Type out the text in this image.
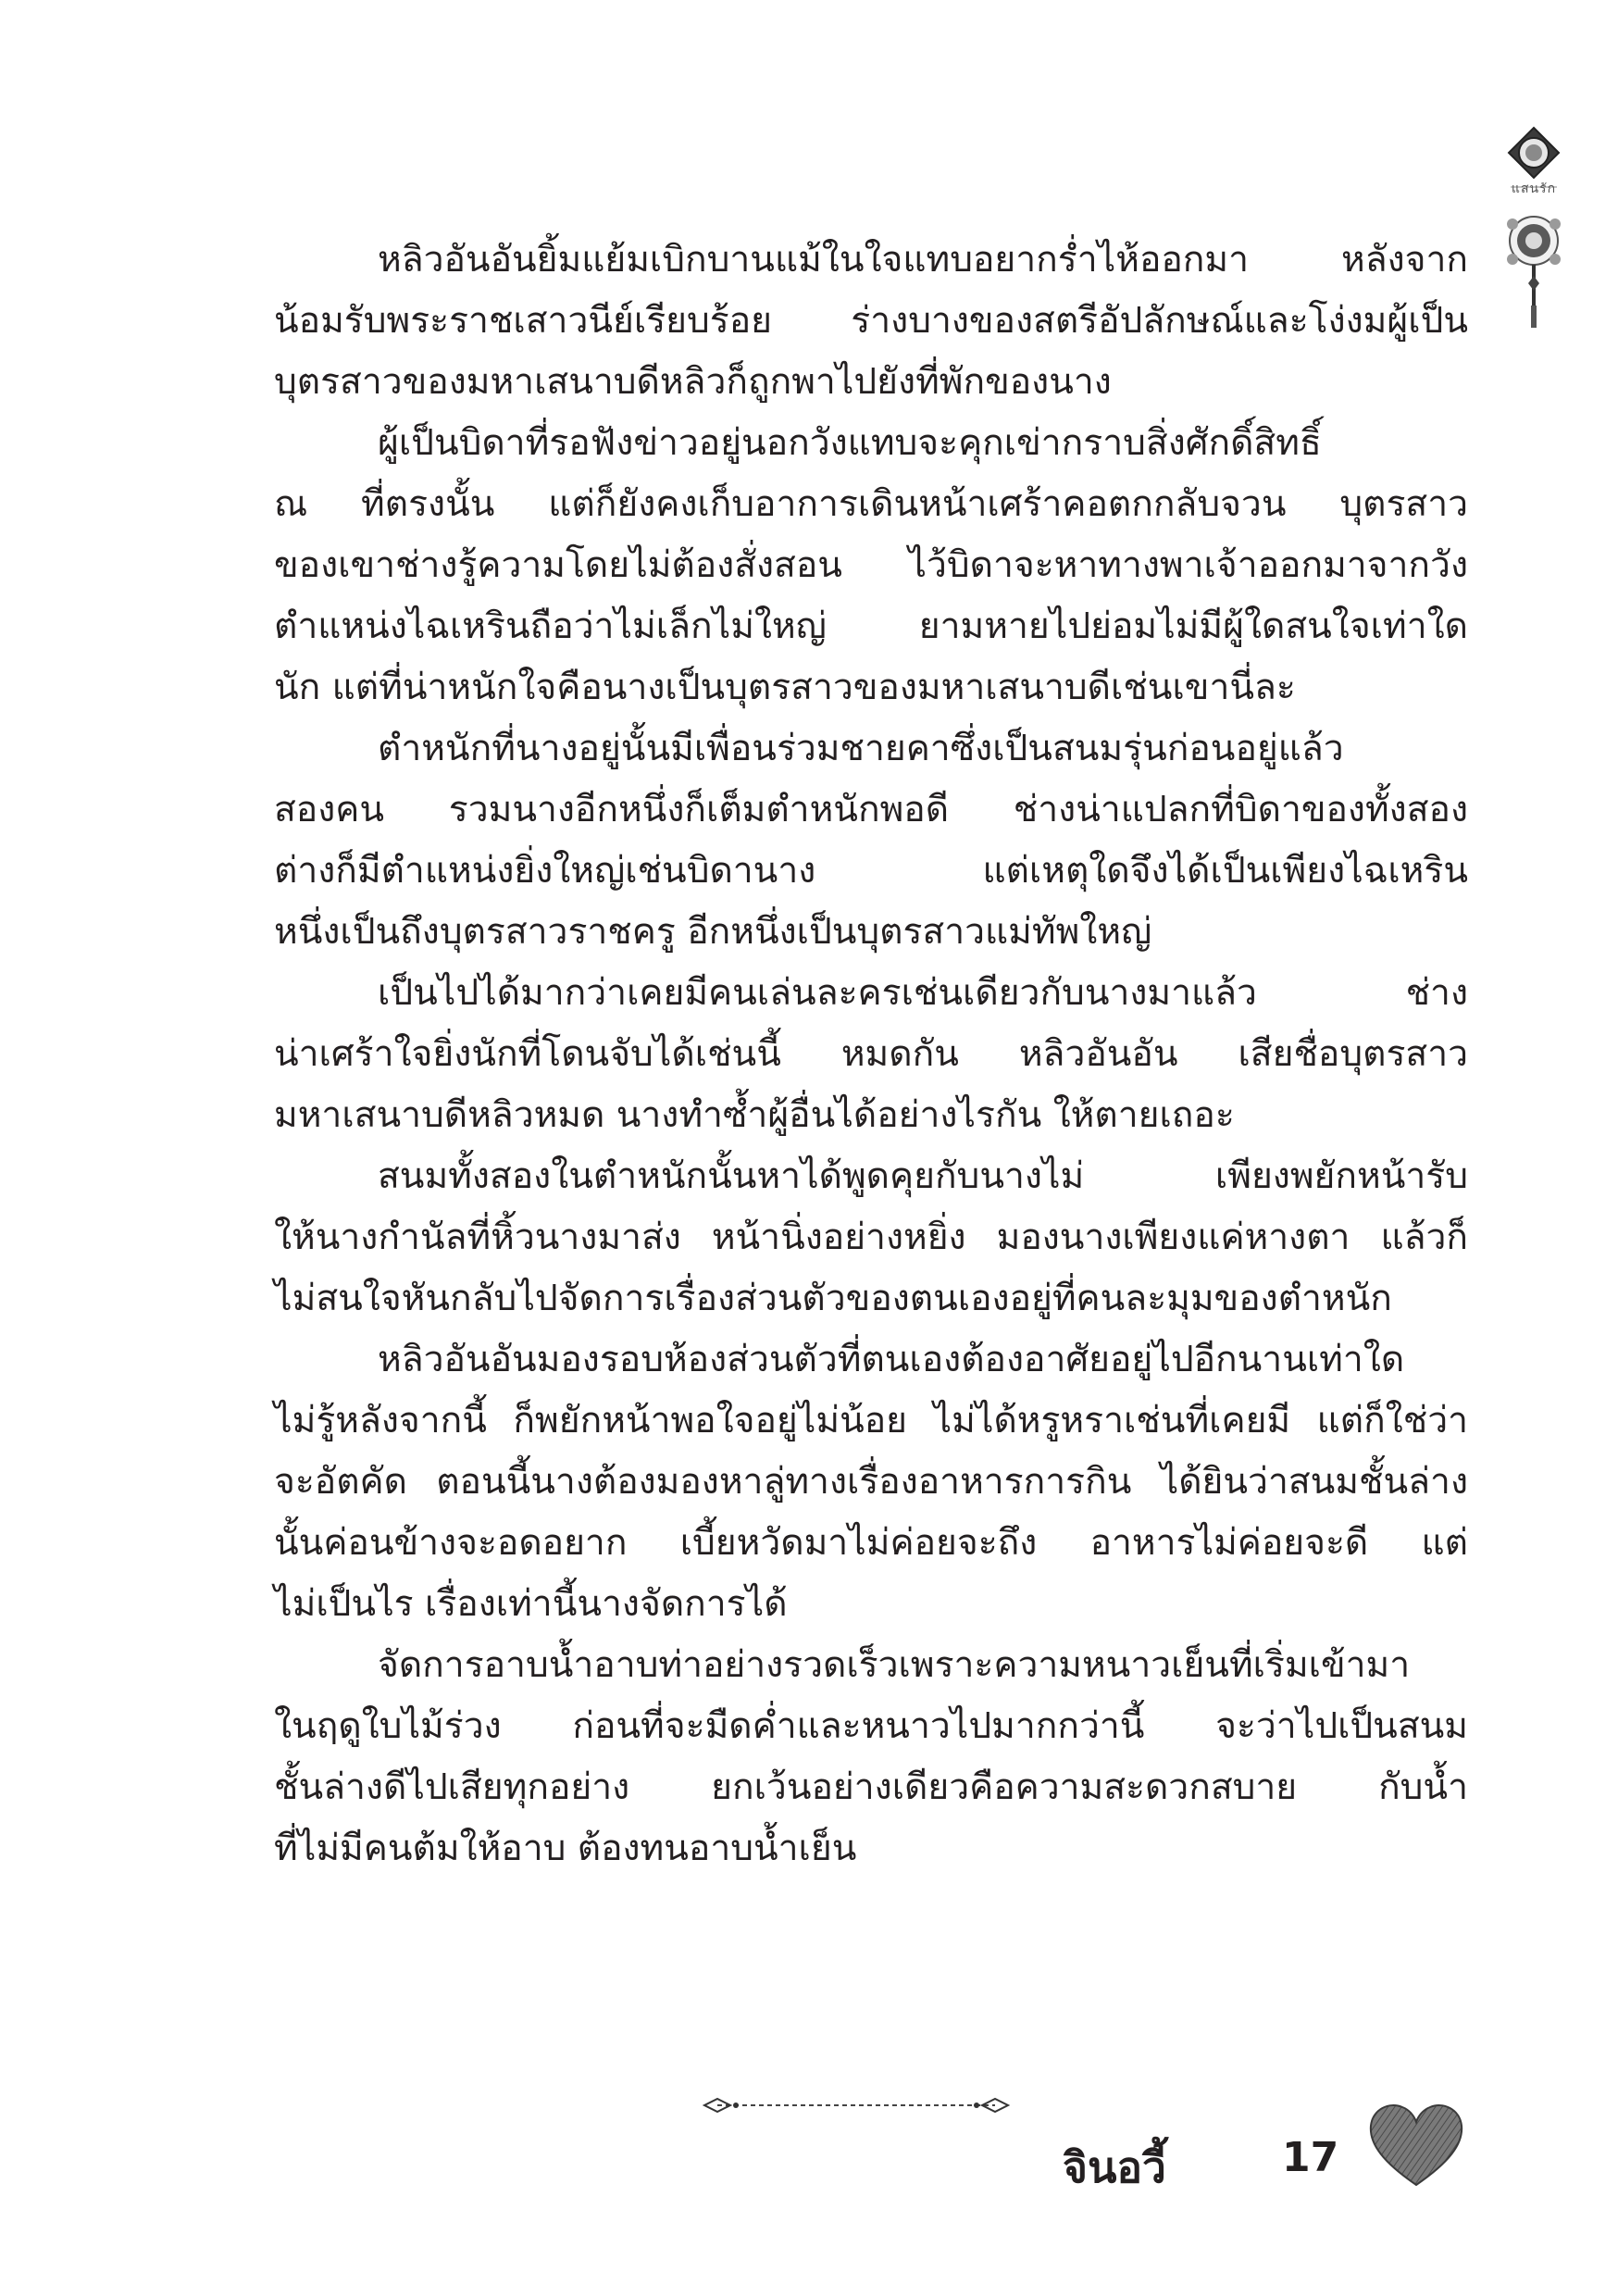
แสนรัก

หลิวอันอันยิ้มแย้มเบิกบานแม้ในใจแทบอยากร่ำไห้ออกมา หลังจาก
น้อมรับพระราชเสาวนีย์เรียบร้อย ร่างบางของสตรีอัปลักษณ์และโง่งมผู้เป็น
บุตรสาวของมหาเสนาบดีหลิวก็ถูกพาไปยังที่พักของนาง

ผู้เป็นบิดาที่รอฟังข่าวอยู่นอกวังแทบจะคุกเข่ากราบสิ่งศักดิ์สิทธิ์
ณ ที่ตรงนั้น แต่ก็ยังคงเก็บอาการเดินหน้าเศร้าคอตกกลับจวน บุตรสาว
ของเขาช่างรู้ความโดยไม่ต้องสั่งสอน ไว้บิดาจะหาทางพาเจ้าออกมาจากวัง
ตำแหน่งไฉเหรินถือว่าไม่เล็กไม่ใหญ่ ยามหายไปย่อมไม่มีผู้ใดสนใจเท่าใด
นัก แต่ที่น่าหนักใจคือนางเป็นบุตรสาวของมหาเสนาบดีเช่นเขานี่ละ

ตำหนักที่นางอยู่นั้นมีเพื่อนร่วมชายคาซึ่งเป็นสนมรุ่นก่อนอยู่แล้ว
สองคน รวมนางอีกหนึ่งก็เต็มตำหนักพอดี ช่างน่าแปลกที่บิดาของทั้งสอง
ต่างก็มีตำแหน่งยิ่งใหญ่เช่นบิดานาง แต่เหตุใดจึงได้เป็นเพียงไฉเหริน
หนึ่งเป็นถึงบุตรสาวราชครู อีกหนึ่งเป็นบุตรสาวแม่ทัพใหญ่

เป็นไปได้มากว่าเคยมีคนเล่นละครเช่นเดียวกับนางมาแล้ว ช่าง
น่าเศร้าใจยิ่งนักที่โดนจับได้เช่นนี้ หมดกัน หลิวอันอัน เสียชื่อบุตรสาว
มหาเสนาบดีหลิวหมด นางทำซ้ำผู้อื่นได้อย่างไรกัน ให้ตายเถอะ

สนมทั้งสองในตำหนักนั้นหาได้พูดคุยกับนางไม่ เพียงพยักหน้ารับ
ให้นางกำนัลที่หิ้วนางมาส่ง หน้านิ่งอย่างหยิ่ง มองนางเพียงแค่หางตา แล้วก็
ไม่สนใจหันกลับไปจัดการเรื่องส่วนตัวของตนเองอยู่ที่คนละมุมของตำหนัก

หลิวอันอันมองรอบห้องส่วนตัวที่ตนเองต้องอาศัยอยู่ไปอีกนานเท่าใด
ไม่รู้หลังจากนี้ ก็พยักหน้าพอใจอยู่ไม่น้อย ไม่ได้หรูหราเช่นที่เคยมี แต่ก็ใช่ว่า
จะอัตคัด ตอนนี้นางต้องมองหาลู่ทางเรื่องอาหารการกิน ได้ยินว่าสนมชั้นล่าง
นั้นค่อนข้างจะอดอยาก เบี้ยหวัดมาไม่ค่อยจะถึง อาหารไม่ค่อยจะดี แต่
ไม่เป็นไร เรื่องเท่านี้นางจัดการได้

จัดการอาบน้ำอาบท่าอย่างรวดเร็วเพราะความหนาวเย็นที่เริ่มเข้ามา
ในฤดูใบไม้ร่วง ก่อนที่จะมืดค่ำและหนาวไปมากกว่านี้ จะว่าไปเป็นสนม
ชั้นล่างดีไปเสียทุกอย่าง ยกเว้นอย่างเดียวคือความสะดวกสบาย กับน้ำ
ที่ไม่มีคนต้มให้อาบ ต้องทนอาบน้ำเย็น

จินอวี้	17
